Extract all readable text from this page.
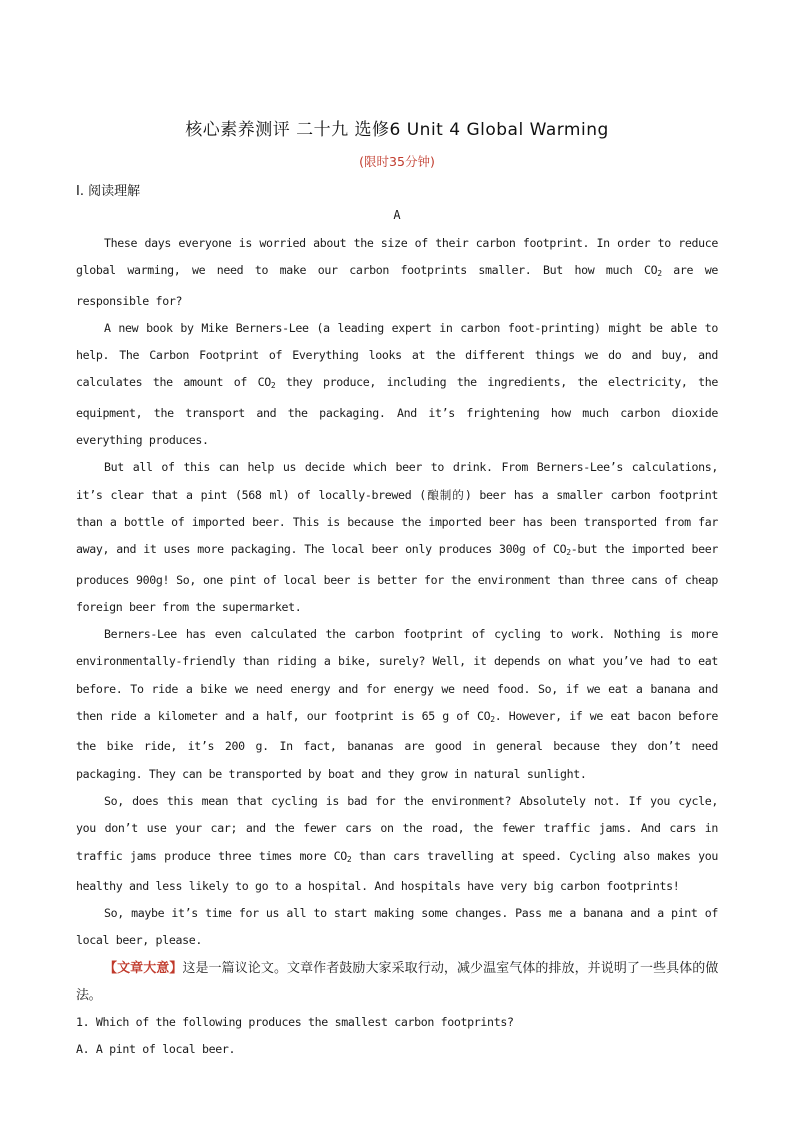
核心素养测评 二十九 选修6 Unit 4 Global Warming
(限时35分钟)
Ⅰ. 阅读理解
A

These days everyone is worried about the size of their carbon footprint. In order to reduce global warming, we need to make our carbon footprints smaller. But how much $CO_2$ are we responsible for?

A new book by Mike Berners-Lee (a leading expert in carbon foot-printing) might be able to help. The Carbon Footprint of Everything looks at the different things we do and buy, and calculates the amount of $CO_2$ they produce, including the ingredients, the electricity, the equipment, the transport and the packaging. And it’s frightening how much carbon dioxide everything produces.

But all of this can help us decide which beer to drink. From Berners-Lee’s calculations, it’s clear that a pint (568 ml) of locally-brewed (酿制的) beer has a smaller carbon footprint than a bottle of imported beer. This is because the imported beer has been transported from far away, and it uses more packaging. The local beer only produces 300g of $CO_2$-but the imported beer produces 900g! So, one pint of local beer is better for the environment than three cans of cheap foreign beer from the supermarket.

Berners-Lee has even calculated the carbon footprint of cycling to work. Nothing is more environmentally-friendly than riding a bike, surely? Well, it depends on what you’ve had to eat before. To ride a bike we need energy and for energy we need food. So, if we eat a banana and then ride a kilometer and a half, our footprint is 65 g of $CO_2$. However, if we eat bacon before the bike ride, it’s 200 g. In fact, bananas are good in general because they don’t need packaging. They can be transported by boat and they grow in natural sunlight.

So, does this mean that cycling is bad for the environment? Absolutely not. If you cycle, you don’t use your car; and the fewer cars on the road, the fewer traffic jams. And cars in traffic jams produce three times more $CO_2$ than cars travelling at speed. Cycling also makes you healthy and less likely to go to a hospital. And hospitals have very big carbon footprints!

So, maybe it’s time for us all to start making some changes. Pass me a banana and a pint of local beer, please.

【文章大意】这是一篇议论文。文章作者鼓励大家采取行动，减少温室气体的排放，并说明了一些具体的做法。

1. Which of the following produces the smallest carbon footprints?

A. A pint of local beer.
